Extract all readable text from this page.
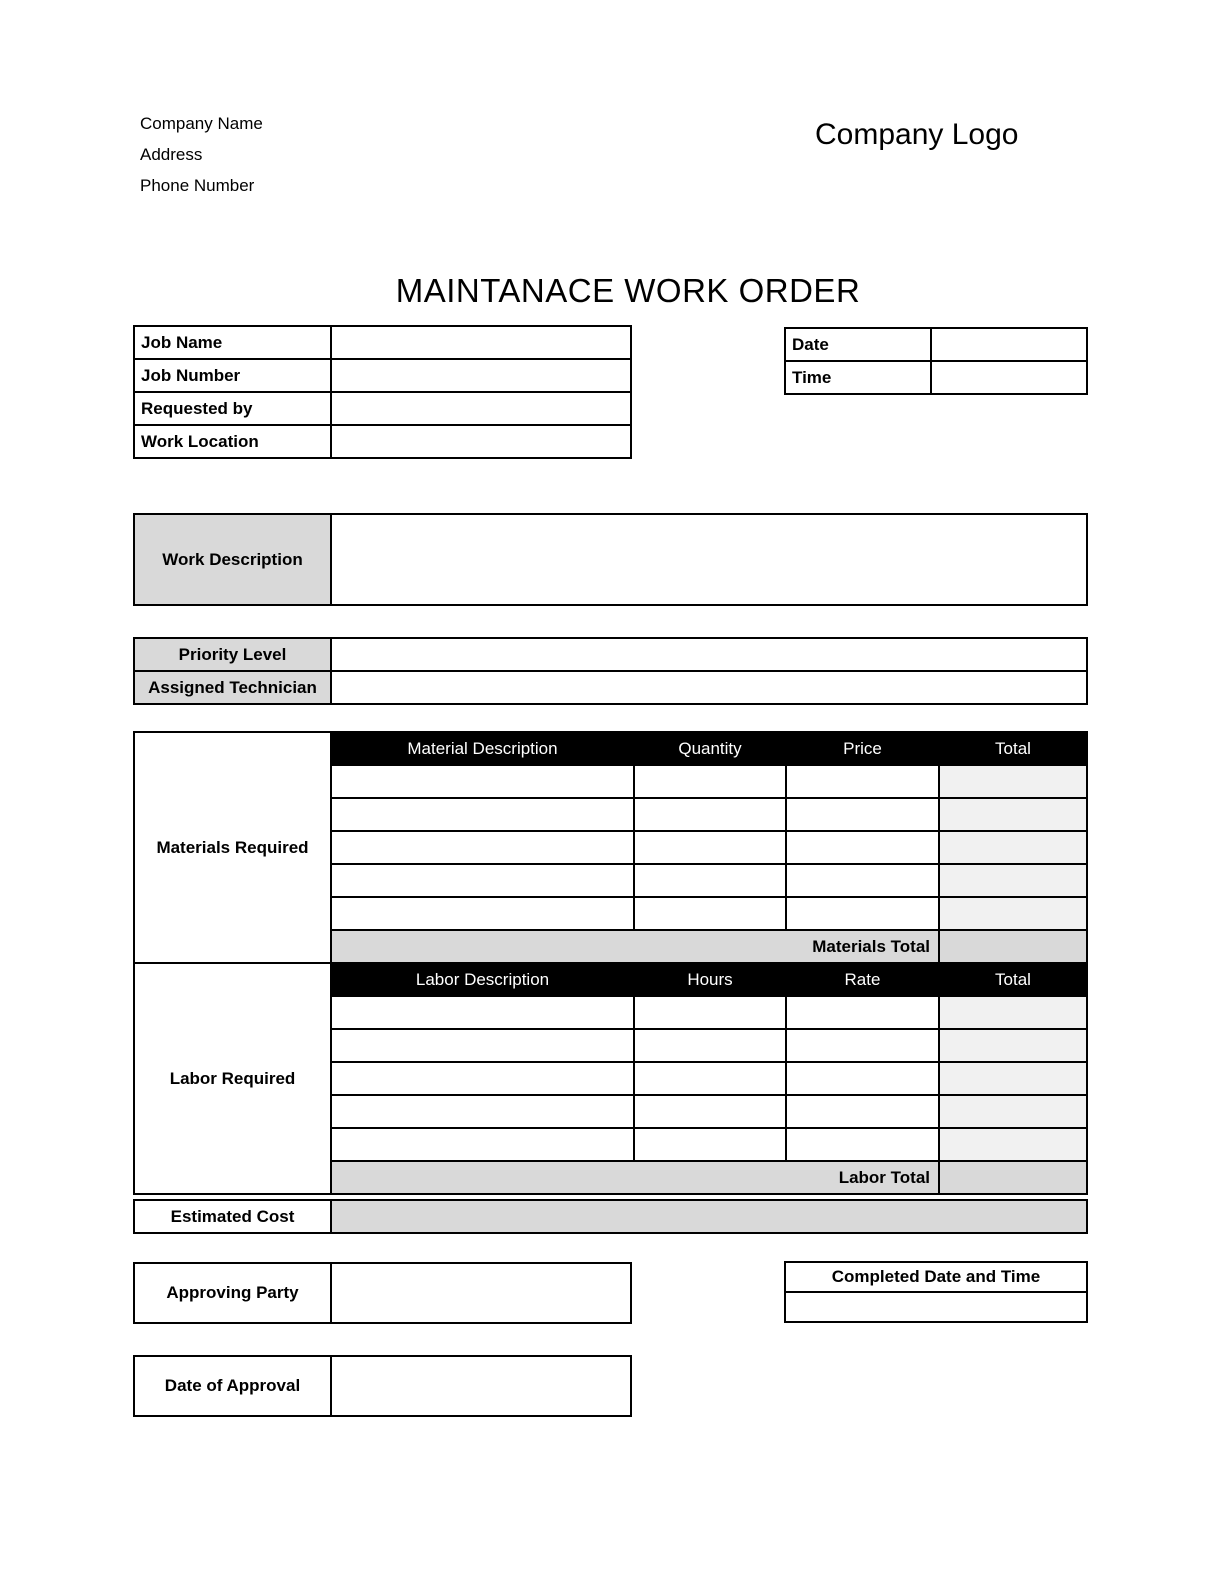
Company Name
Address
Phone Number
Company Logo
MAINTANACE WORK ORDER
Job Name	
Job Number	
Requested by	
Work Location	
Date	
Time	
Work Description	
Priority Level	
Assigned Technician	
Materials Required	Material Description	Quantity	Price	Total

	Materials Total			
Labor Required	Labor Description	Hours	Rate	Total

	Labor Total			
Estimated Cost	
Approving Party	
Completed Date and Time

Date of Approval	
